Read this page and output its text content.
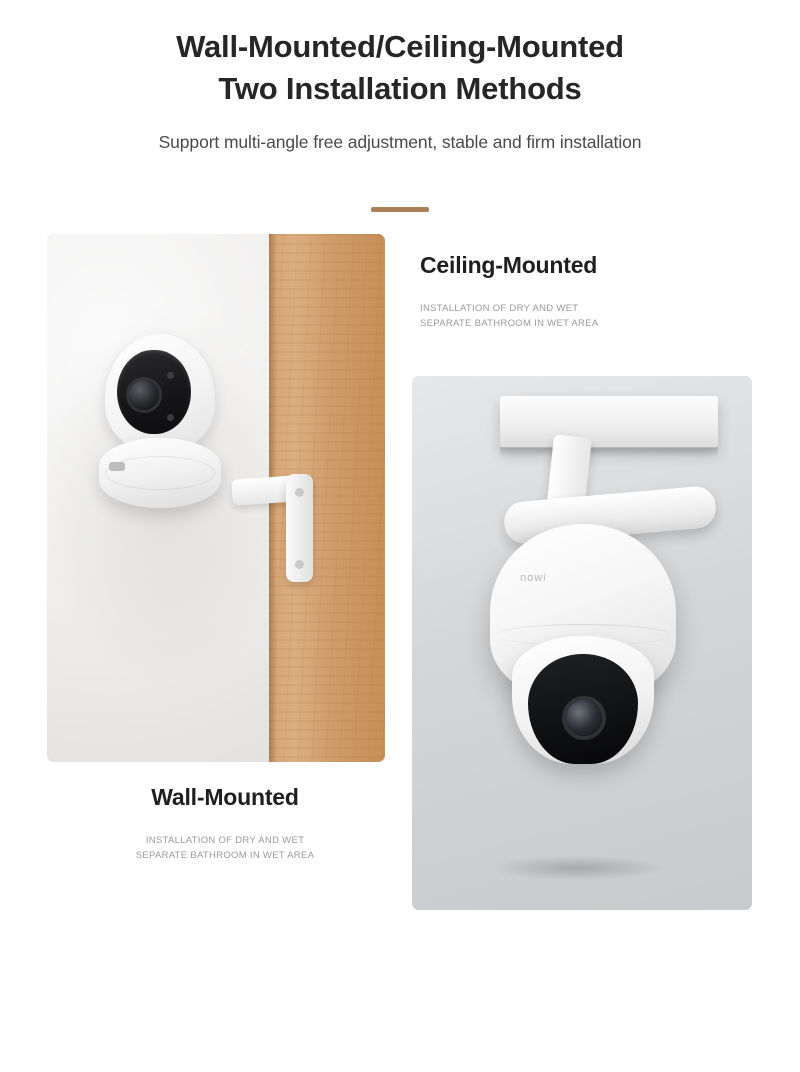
Wall-Mounted/Ceiling-Mounted
Two Installation Methods
Support multi-angle free adjustment, stable and firm installation
nowi
Ceiling-Mounted
INSTALLATION OF DRY AND WET
SEPARATE BATHROOM IN WET AREA
Wall-Mounted
INSTALLATION OF DRY AND WET
SEPARATE BATHROOM IN WET AREA
